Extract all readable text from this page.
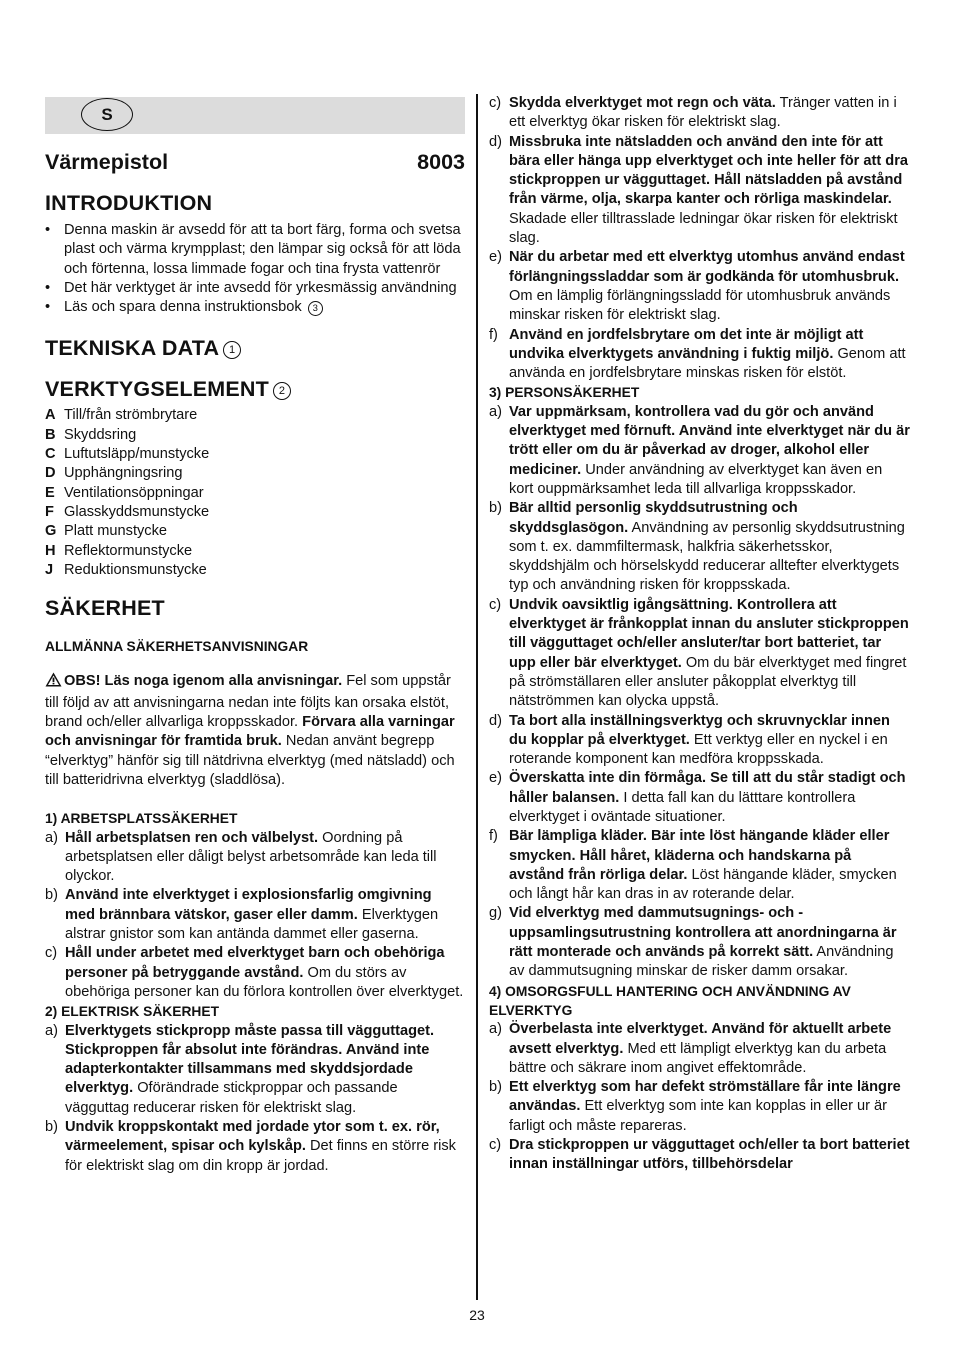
S
Värmepistol	8003
INTRODUKTION
• Denna maskin är avsedd för att ta bort färg, forma och svetsa plast och värma krympplast; den lämpar sig också för att löda och förtenna, lossa limmade fogar och tina frysta vattenrör
• Det här verktyget är inte avsedd för yrkesmässig användning
• Läs och spara denna instruktionsbok 3
TEKNISKA DATA 1
VERKTYGSELEMENT 2
A Till/från strömbrytare
B Skyddsring
C Luftutsläpp/munstycke
D Upphängningsring
E Ventilationsöppningar
F Glasskyddsmunstycke
G Platt munstycke
H Reflektormunstycke
J Reduktionsmunstycke
SÄKERHET
ALLMÄNNA SÄKERHETSANVISNINGAR

OBS! Läs noga igenom alla anvisningar. Fel som uppstår till följd av att anvisningarna nedan inte följts kan orsaka elstöt, brand och/eller allvarliga kroppsskador. Förvara alla varningar och anvisningar för framtida bruk. Nedan använt begrepp “elverktyg” hänför sig till nätdrivna elverktyg (med nätsladd) och till batteridrivna elverktyg (sladdlösa).

1) ARBETSPLATSSÄKERHET
a) Håll arbetsplatsen ren och välbelyst. Oordning på arbetsplatsen eller dåligt belyst arbetsområde kan leda till olyckor.
b) Använd inte elverktyget i explosionsfarlig omgivning med brännbara vätskor, gaser eller damm. Elverktygen alstrar gnistor som kan antända dammet eller gaserna.
c) Håll under arbetet med elverktyget barn och obehöriga personer på betryggande avstånd. Om du störs av obehöriga personer kan du förlora kontrollen över elverktyget.
2) ELEKTRISK SÄKERHET
a) Elverktygets stickpropp måste passa till vägguttaget. Stickproppen får absolut inte förändras. Använd inte adapterkontakter tillsammans med skyddsjordade elverktyg. Oförändrade stickproppar och passande vägguttag reducerar risken för elektriskt slag.
b) Undvik kroppskontakt med jordade ytor som t. ex. rör, värmeelement, spisar och kylskåp. Det finns en större risk för elektriskt slag om din kropp är jordad.
c) Skydda elverktyget mot regn och väta. Tränger vatten in i ett elverktyg ökar risken för elektriskt slag.
d) Missbruka inte nätsladden och använd den inte för att bära eller hänga upp elverktyget och inte heller för att dra stickproppen ur vägguttaget. Håll nätsladden på avstånd från värme, olja, skarpa kanter och rörliga maskindelar. Skadade eller tilltrasslade ledningar ökar risken för elektriskt slag.
e) När du arbetar med ett elverktyg utomhus använd endast förlängningssladdar som är godkända för utomhusbruk. Om en lämplig förlängningssladd för utomhusbruk används minskar risken för elektriskt slag.
f) Använd en jordfelsbrytare om det inte är möjligt att undvika elverktygets användning i fuktig miljö. Genom att använda en jordfelsbrytare minskas risken för elstöt.
3) PERSONSÄKERHET
a) Var uppmärksam, kontrollera vad du gör och använd elverktyget med förnuft. Använd inte elverktyget när du är trött eller om du är påverkad av droger, alkohol eller mediciner. Under användning av elverktyget kan även en kort ouppmärksamhet leda till allvarliga kroppsskador.
b) Bär alltid personlig skyddsutrustning och skyddsglasögon. Användning av personlig skyddsutrustning som t. ex. dammfiltermask, halkfria säkerhetsskor, skyddshjälm och hörselskydd reducerar alltefter elverktygets typ och användning risken för kroppsskada.
c) Undvik oavsiktlig igångsättning. Kontrollera att elverktyget är frånkopplat innan du ansluter stickproppen till vägguttaget och/eller ansluter/tar bort batteriet, tar upp eller bär elverktyget. Om du bär elverktyget med fingret på strömställaren eller ansluter påkopplat elverktyg till nätströmmen kan olycka uppstå.
d) Ta bort alla inställningsverktyg och skruvnycklar innen du kopplar på elverktyget. Ett verktyg eller en nyckel i en roterande komponent kan medföra kroppsskada.
e) Överskatta inte din förmåga. Se till att du står stadigt och håller balansen. I detta fall kan du lätttare kontrollera elverktyget i oväntade situationer.
f) Bär lämpliga kläder. Bär inte löst hängande kläder eller smycken. Håll håret, kläderna och handskarna på avstånd från rörliga delar. Löst hängande kläder, smycken och långt hår kan dras in av roterande delar.
g) Vid elverktyg med dammutsugnings- och -uppsamlingsutrustning kontrollera att anordningarna är rätt monterade och används på korrekt sätt. Användning av dammutsugning minskar de risker damm orsakar.
4) OMSORGSFULL HANTERING OCH ANVÄNDNING AV ELVERKTYG
a) Överbelasta inte elverktyget. Använd för aktuellt arbete avsett elverktyg. Med ett lämpligt elverktyg kan du arbeta bättre och säkrare inom angivet effektområde.
b) Ett elverktyg som har defekt strömställare får inte längre användas. Ett elverktyg som inte kan kopplas in eller ur är farligt och måste repareras.
c) Dra stickproppen ur vägguttaget och/eller ta bort batteriet innan inställningar utförs, tillbehörsdelar
23
